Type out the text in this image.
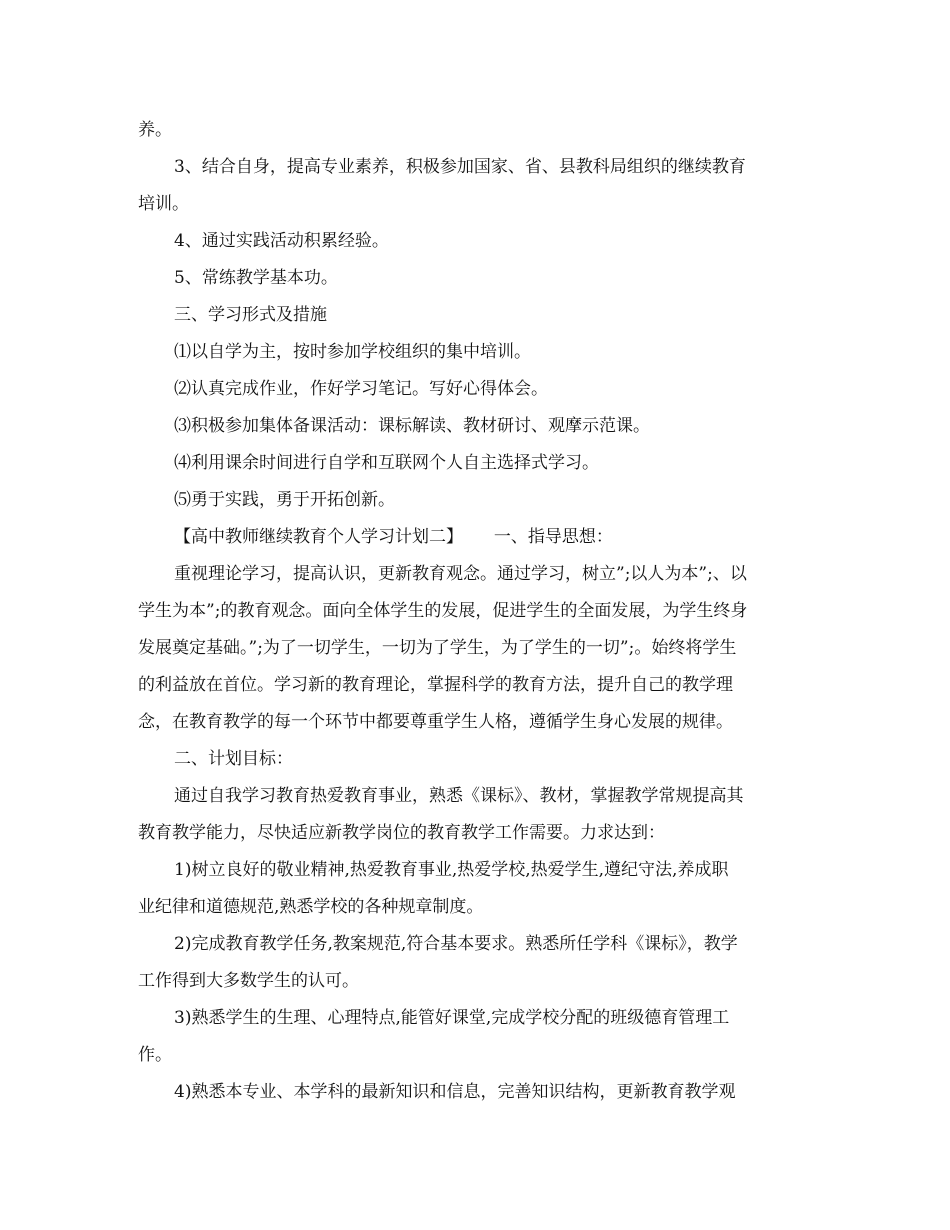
养。
3、结合自身，提高专业素养，积极参加国家、省、县教科局组织的继续教育
培训。
4、通过实践活动积累经验。
5、常练教学基本功。
三、学习形式及措施
⑴以自学为主，按时参加学校组织的集中培训。
⑵认真完成作业，作好学习笔记。写好心得体会。
⑶积极参加集体备课活动：课标解读、教材研讨、观摩示范课。
⑷利用课余时间进行自学和互联网个人自主选择式学习。
⑸勇于实践，勇于开拓创新。
【高中教师继续教育个人学习计划二】　　 一、指导思想：
重视理论学习，提高认识，更新教育观念。通过学习，树立”;以人为本”;、以
学生为本”;的教育观念。面向全体学生的发展，促进学生的全面发展，为学生终身
发展奠定基础。”;为了一切学生，一切为了学生，为了学生的一切”;。始终将学生
的利益放在首位。学习新的教育理论，掌握科学的教育方法，提升自己的教学理
念，在教育教学的每一个环节中都要尊重学生人格，遵循学生身心发展的规律。
二、计划目标：
通过自我学习教育热爱教育事业，熟悉《课标》、教材，掌握教学常规提高其
教育教学能力，尽快适应新教学岗位的教育教学工作需要。力求达到：
1)树立良好的敬业精神,热爱教育事业,热爱学校,热爱学生,遵纪守法,养成职
业纪律和道德规范,熟悉学校的各种规章制度。
2)完成教育教学任务,教案规范,符合基本要求。熟悉所任学科《课标》，教学
工作得到大多数学生的认可。
3)熟悉学生的生理、心理特点,能管好课堂,完成学校分配的班级德育管理工
作。
4)熟悉本专业、本学科的最新知识和信息，完善知识结构，更新教育教学观
